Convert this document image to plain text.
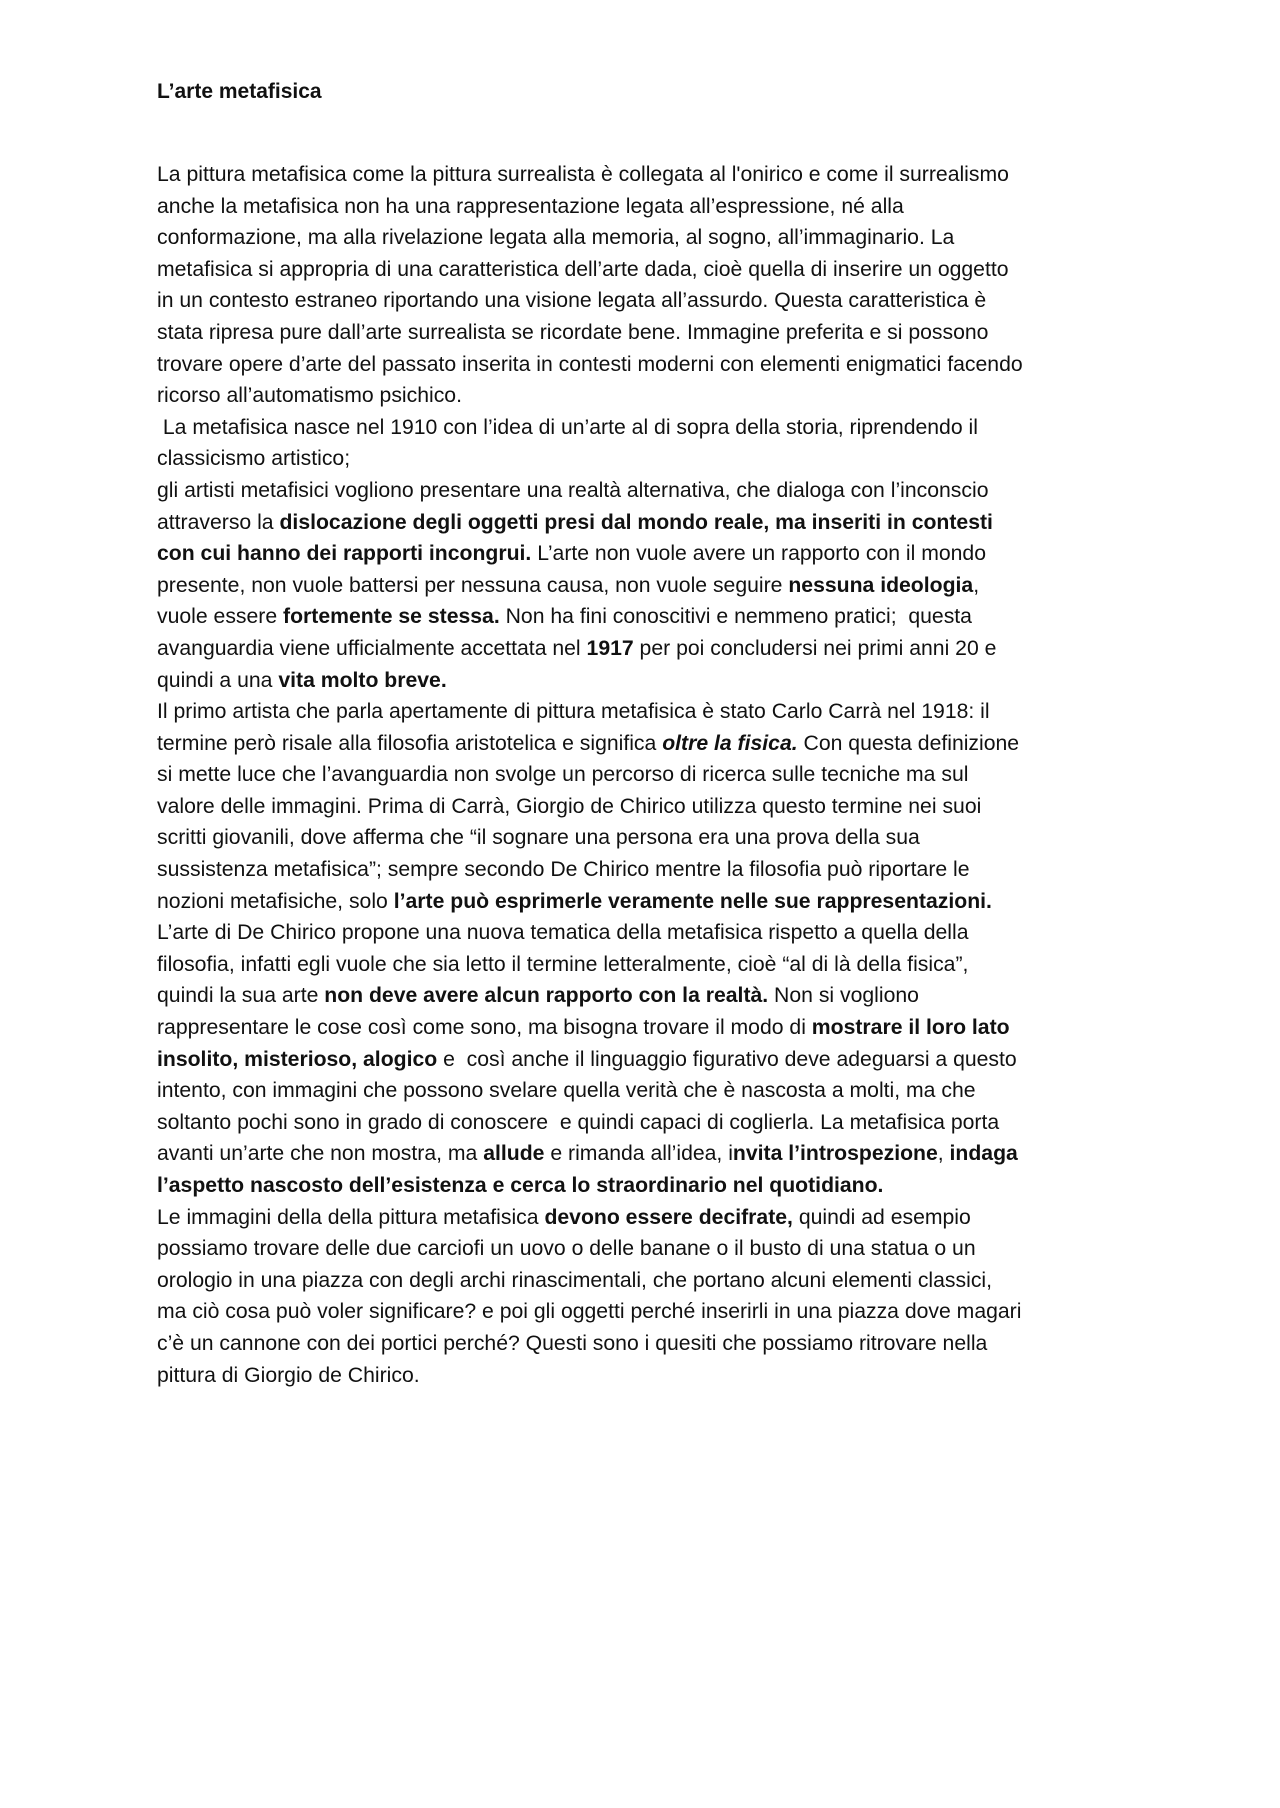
L’arte metafisica
La pittura metafisica come la pittura surrealista è collegata al l'onirico e come il surrealismo
anche la metafisica non ha una rappresentazione legata all’espressione, né alla
conformazione, ma alla rivelazione legata alla memoria, al sogno, all’immaginario. La
metafisica si appropria di una caratteristica dell’arte dada, cioè quella di inserire un oggetto
in un contesto estraneo riportando una visione legata all’assurdo. Questa caratteristica è
stata ripresa pure dall’arte surrealista se ricordate bene. Immagine preferita e si possono
trovare opere d’arte del passato inserita in contesti moderni con elementi enigmatici facendo
ricorso all’automatismo psichico.
La metafisica nasce nel 1910 con l’idea di un’arte al di sopra della storia, riprendendo il
classicismo artistico;
gli artisti metafisici vogliono presentare una realtà alternativa, che dialoga con l’inconscio
attraverso la dislocazione degli oggetti presi dal mondo reale, ma inseriti in contesti
con cui hanno dei rapporti incongrui. L’arte non vuole avere un rapporto con il mondo
presente, non vuole battersi per nessuna causa, non vuole seguire nessuna ideologia,
vuole essere fortemente se stessa. Non ha fini conoscitivi e nemmeno pratici;  questa
avanguardia viene ufficialmente accettata nel 1917 per poi concludersi nei primi anni 20 e
quindi a una vita molto breve.
Il primo artista che parla apertamente di pittura metafisica è stato Carlo Carrà nel 1918: il
termine però risale alla filosofia aristotelica e significa oltre la fisica. Con questa definizione
si mette luce che l’avanguardia non svolge un percorso di ricerca sulle tecniche ma sul
valore delle immagini. Prima di Carrà, Giorgio de Chirico utilizza questo termine nei suoi
scritti giovanili, dove afferma che “il sognare una persona era una prova della sua
sussistenza metafisica”; sempre secondo De Chirico mentre la filosofia può riportare le
nozioni metafisiche, solo l’arte può esprimerle veramente nelle sue rappresentazioni.
L’arte di De Chirico propone una nuova tematica della metafisica rispetto a quella della
filosofia, infatti egli vuole che sia letto il termine letteralmente, cioè “al di là della fisica”,
quindi la sua arte non deve avere alcun rapporto con la realtà. Non si vogliono
rappresentare le cose così come sono, ma bisogna trovare il modo di mostrare il loro lato
insolito, misterioso, alogico e  così anche il linguaggio figurativo deve adeguarsi a questo
intento, con immagini che possono svelare quella verità che è nascosta a molti, ma che
soltanto pochi sono in grado di conoscere  e quindi capaci di coglierla. La metafisica porta
avanti un’arte che non mostra, ma allude e rimanda all’idea, invita l’introspezione, indaga
l’aspetto nascosto dell’esistenza e cerca lo straordinario nel quotidiano.
Le immagini della della pittura metafisica devono essere decifrate, quindi ad esempio
possiamo trovare delle due carciofi un uovo o delle banane o il busto di una statua o un
orologio in una piazza con degli archi rinascimentali, che portano alcuni elementi classici,
ma ciò cosa può voler significare? e poi gli oggetti perché inserirli in una piazza dove magari
c’è un cannone con dei portici perché? Questi sono i quesiti che possiamo ritrovare nella
pittura di Giorgio de Chirico.
